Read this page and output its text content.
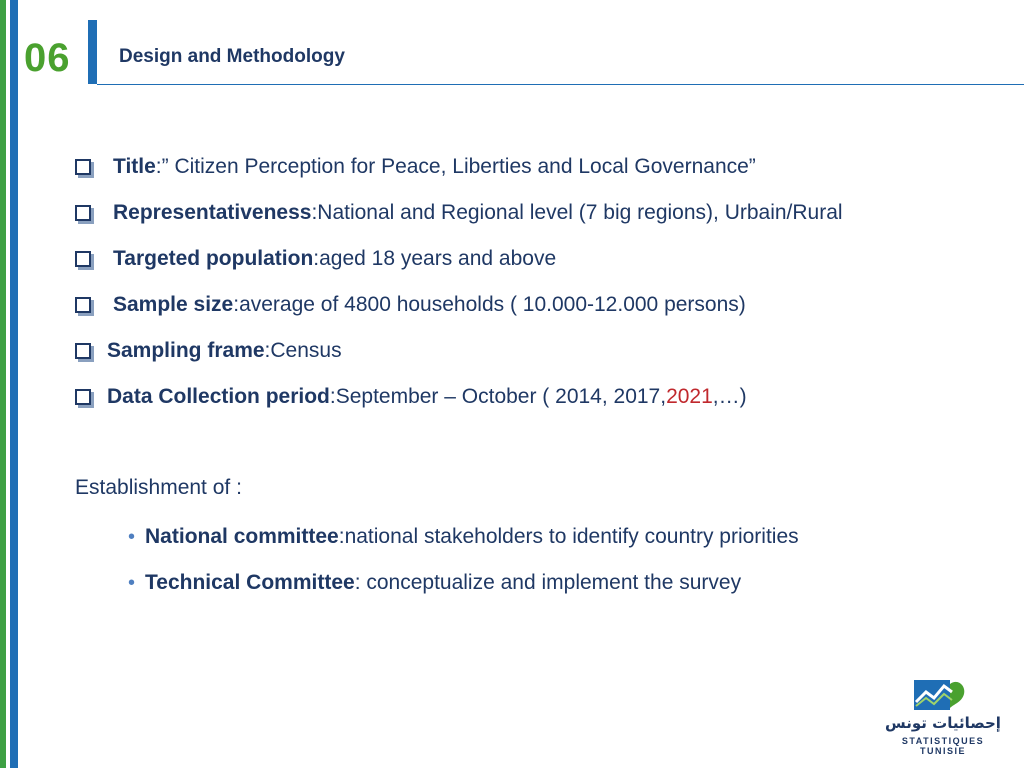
06	Design and Methodology
Title : ” Citizen Perception for Peace, Liberties and Local Governance”
Representativeness : National and Regional level (7 big regions), Urbain/Rural
Targeted population : aged 18 years and above
Sample size : average of 4800 households ( 10.000-12.000 persons)
Sampling frame : Census
Data Collection period : September – October ( 2014, 2017, 2021 ,…)
Establishment of :
• National committee :national stakeholders to identify country priorities
• Technical Committee : conceptualize and implement the survey
إحصائيات تونس
STATISTIQUES TUNISIE
